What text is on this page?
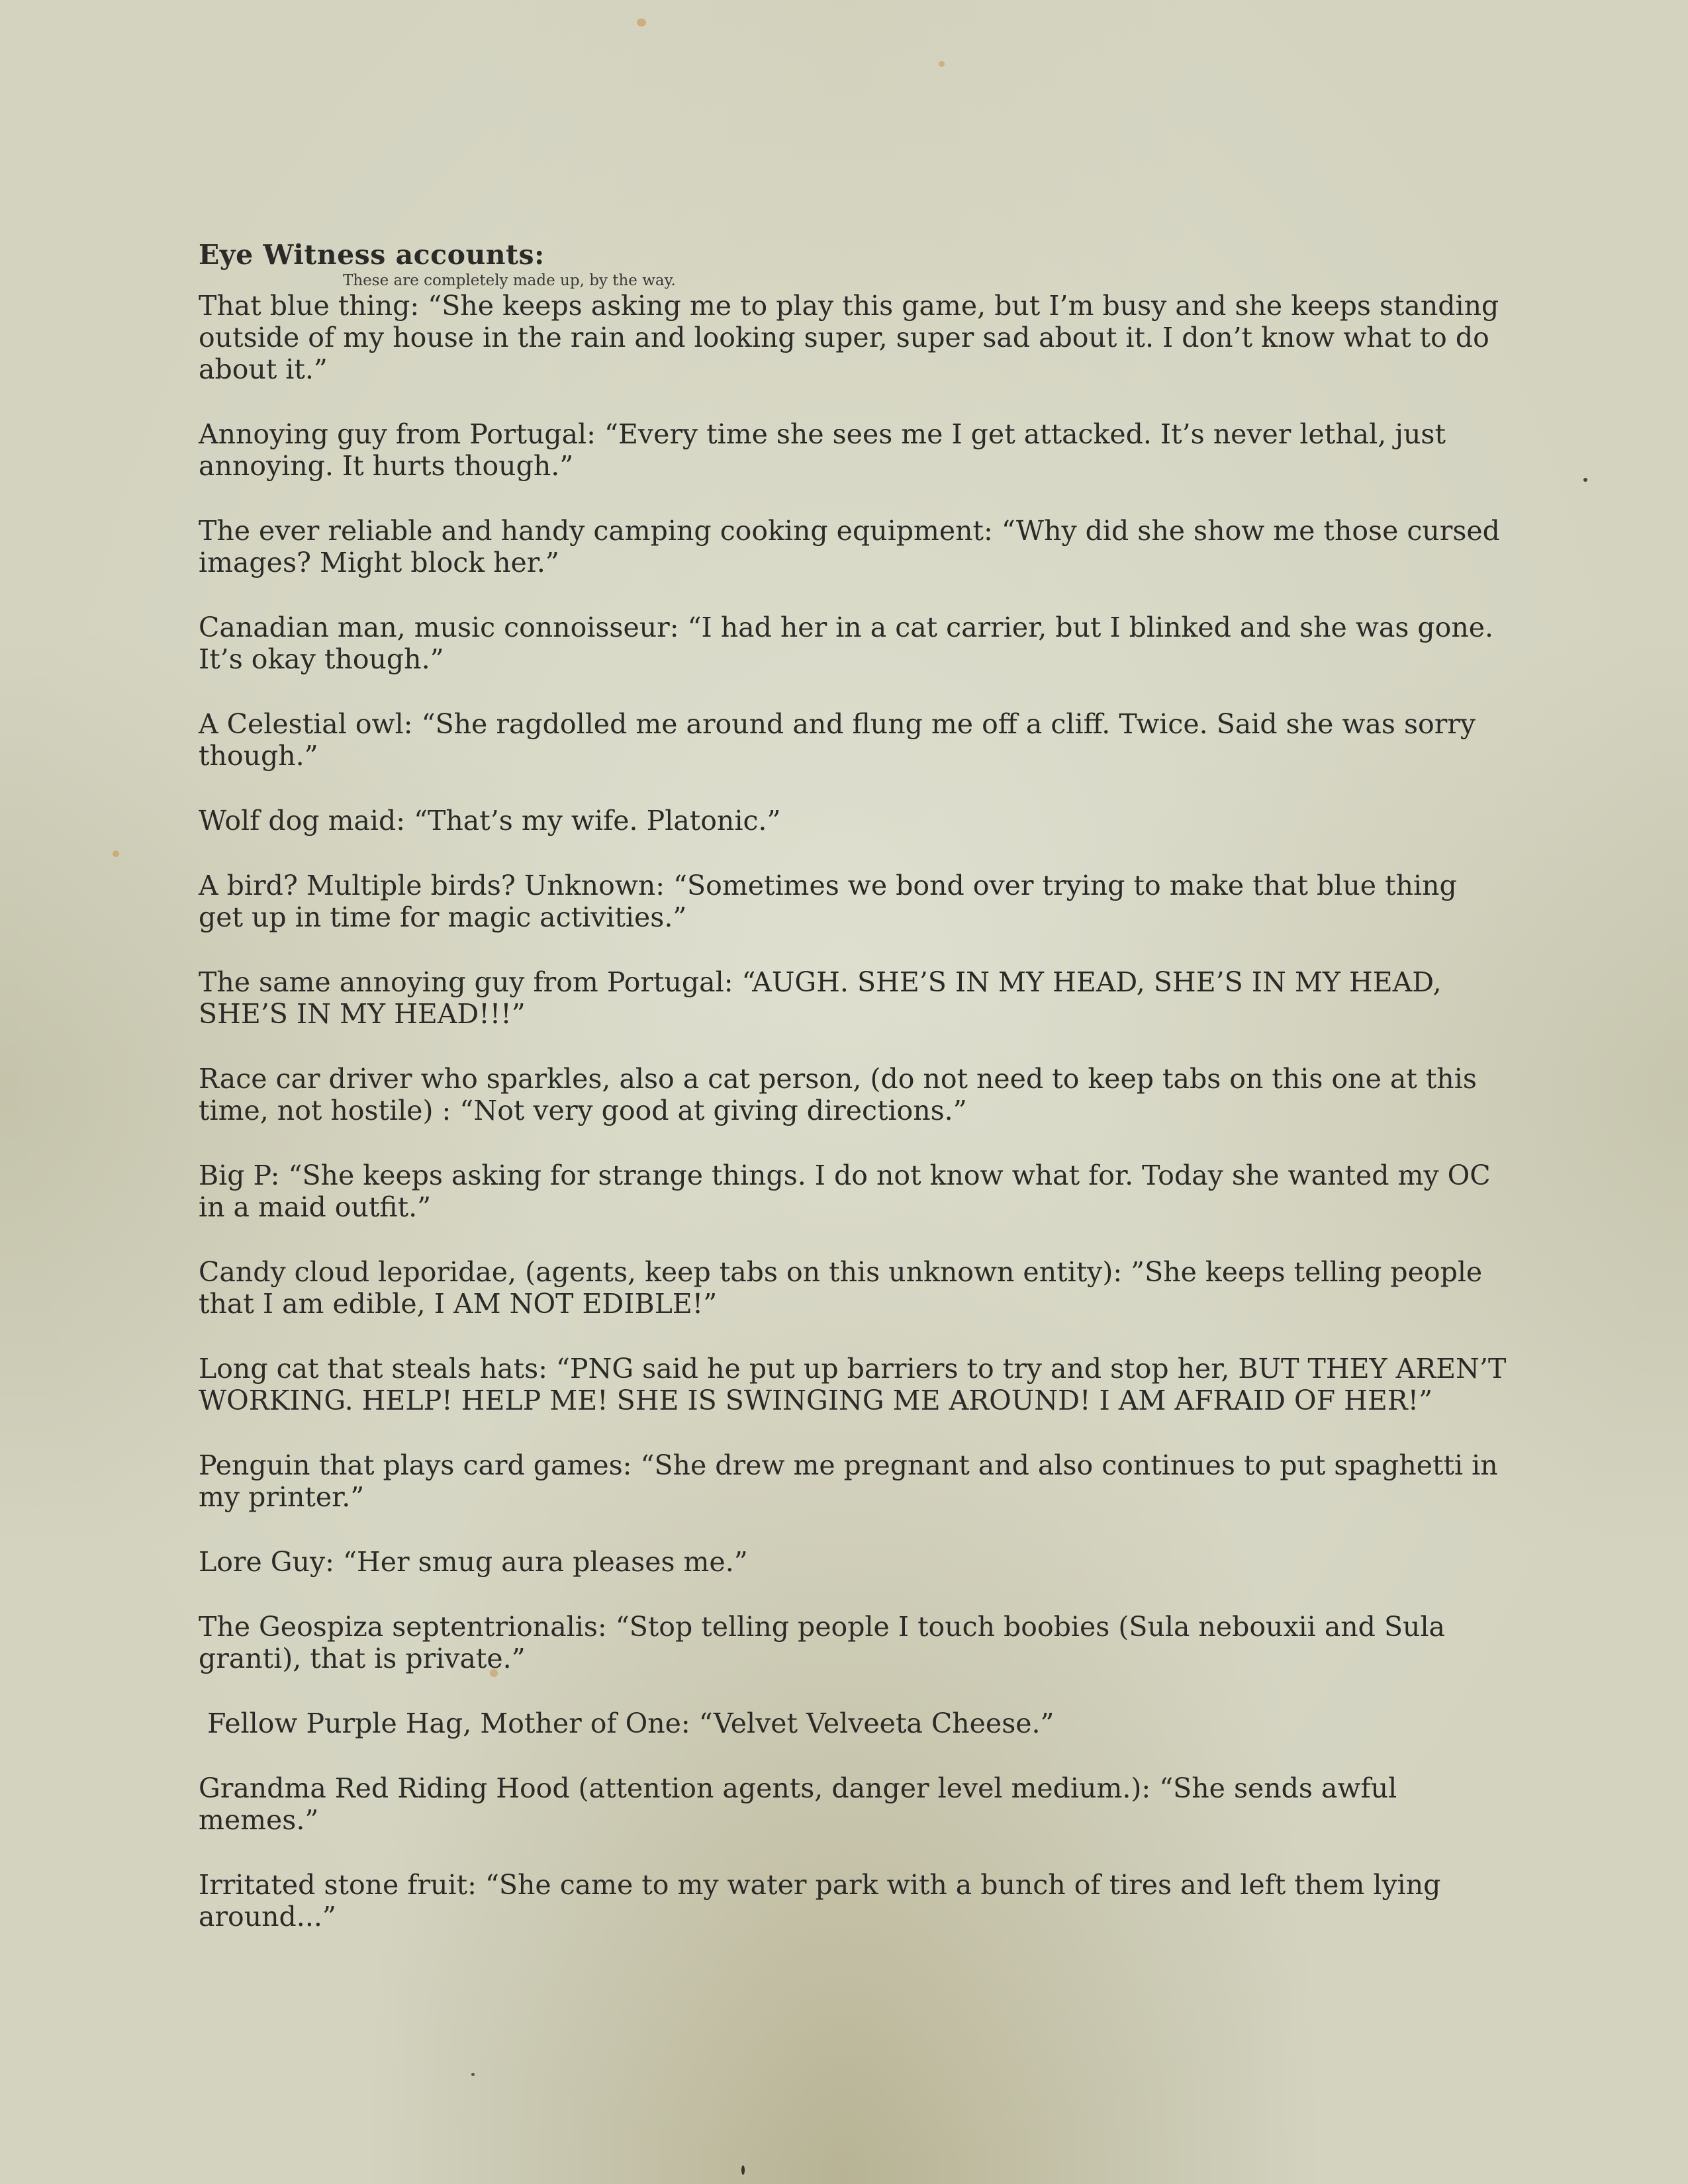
Eye Witness accounts:

These are completely made up, by the way.

That blue thing: “She keeps asking me to play this game, but I’m busy and she keeps standing outside of my house in the rain and looking super, super sad about it. I don’t know what to do about it.”

Annoying guy from Portugal: “Every time she sees me I get attacked. It’s never lethal, just annoying. It hurts though.”

The ever reliable and handy camping cooking equipment: “Why did she show me those cursed images? Might block her.”

Canadian man, music connoisseur: “I had her in a cat carrier, but I blinked and she was gone. It’s okay though.”

A Celestial owl: “She ragdolled me around and flung me off a cliff. Twice. Said she was sorry though.”

Wolf dog maid: “That’s my wife. Platonic.”

A bird? Multiple birds? Unknown: “Sometimes we bond over trying to make that blue thing get up in time for magic activities.”

The same annoying guy from Portugal: “AUGH. SHE’S IN MY HEAD, SHE’S IN MY HEAD, SHE’S IN MY HEAD!!!”

Race car driver who sparkles, also a cat person, (do not need to keep tabs on this one at this time, not hostile) : “Not very good at giving directions.”

Big P: “She keeps asking for strange things. I do not know what for. Today she wanted my OC in a maid outfit.”

Candy cloud leporidae, (agents, keep tabs on this unknown entity): ”She keeps telling people that I am edible, I AM NOT EDIBLE!”

Long cat that steals hats: “PNG said he put up barriers to try and stop her, BUT THEY AREN’T WORKING. HELP! HELP ME! SHE IS SWINGING ME AROUND! I AM AFRAID OF HER!”

Penguin that plays card games: “She drew me pregnant and also continues to put spaghetti in my printer.”

Lore Guy: “Her smug aura pleases me.”

The Geospiza septentrionalis: “Stop telling people I touch boobies (Sula nebouxii and Sula granti), that is private.”

Fellow Purple Hag, Mother of One: “Velvet Velveeta Cheese.”

Grandma Red Riding Hood (attention agents, danger level medium.): “She sends awful memes.”

Irritated stone fruit: “She came to my water park with a bunch of tires and left them lying around...”
